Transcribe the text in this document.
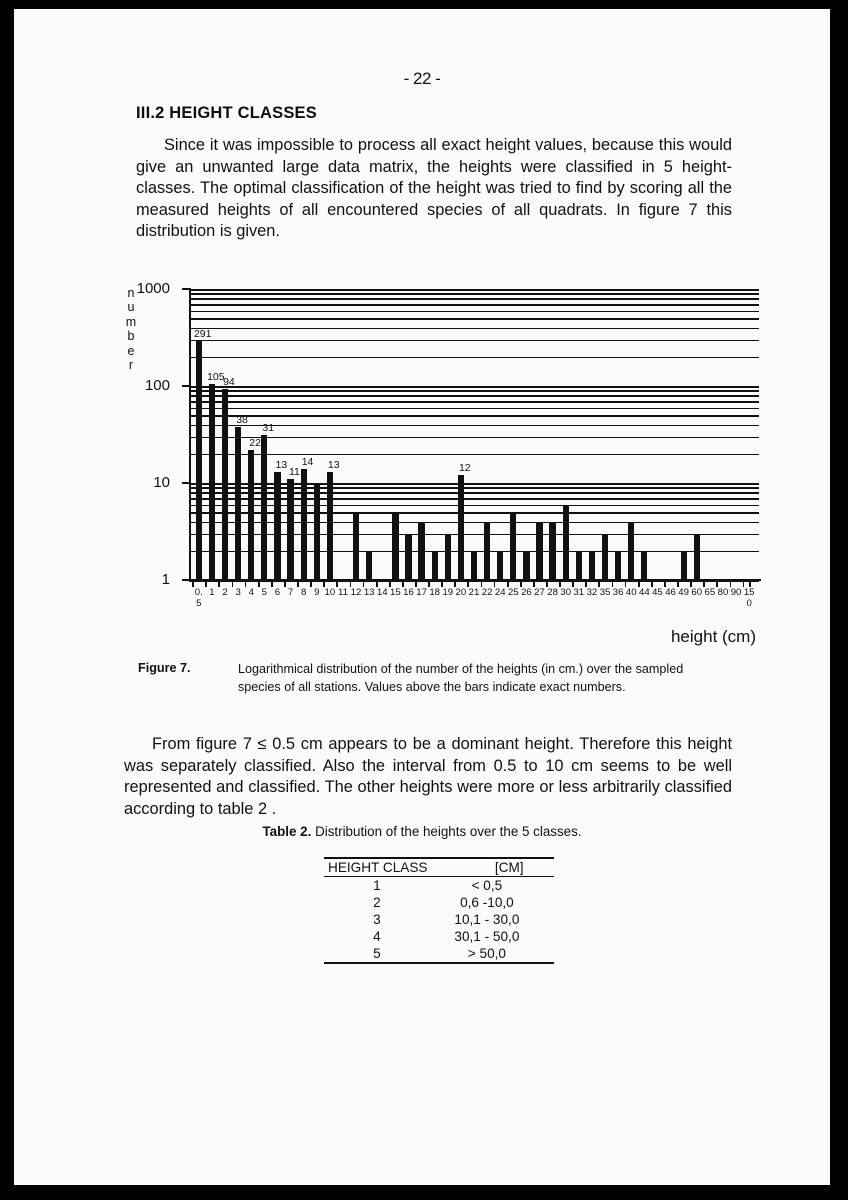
- 22 -
III.2 HEIGHT CLASSES
Since it was impossible to process all exact height values, because this would give an unwanted large data matrix, the heights were classified in 5 height-classes. The optimal classification of the height was tried to find by scoring all the measured heights of all encountered species of all quadrats. In figure 7 this distribution is given.
n
u
m
b
e
r
1000
100
10
1
291
105
94
38
22
31
13
11
14 13	12
0.
5
1 2 3 4 5 6 7 8 9 10 11 12 13 14 15 16 17 18 19 20 21 22 24 25 26 27 28 30 31 32 35 36 40 44 45 46 49 60 65 80 90 15
0
height (cm)
Figure 7.	Logarithmical distribution of the number of the heights (in cm.) over the sampled species of all stations. Values above the bars indicate exact numbers.
From figure 7 ≤ 0.5 cm appears to be a dominant height. Therefore this height was separately classified. Also the interval from 0.5 to 10 cm seems to be well represented and classified. The other heights were more or less arbitrarily classified according to table 2 .
Table 2. Distribution of the heights over the 5 classes.
HEIGHT CLASS	[CM]
1	< 0,5
2	0,6 -10,0
3	10,1 - 30,0
4	30,1 - 50,0
5	> 50,0
